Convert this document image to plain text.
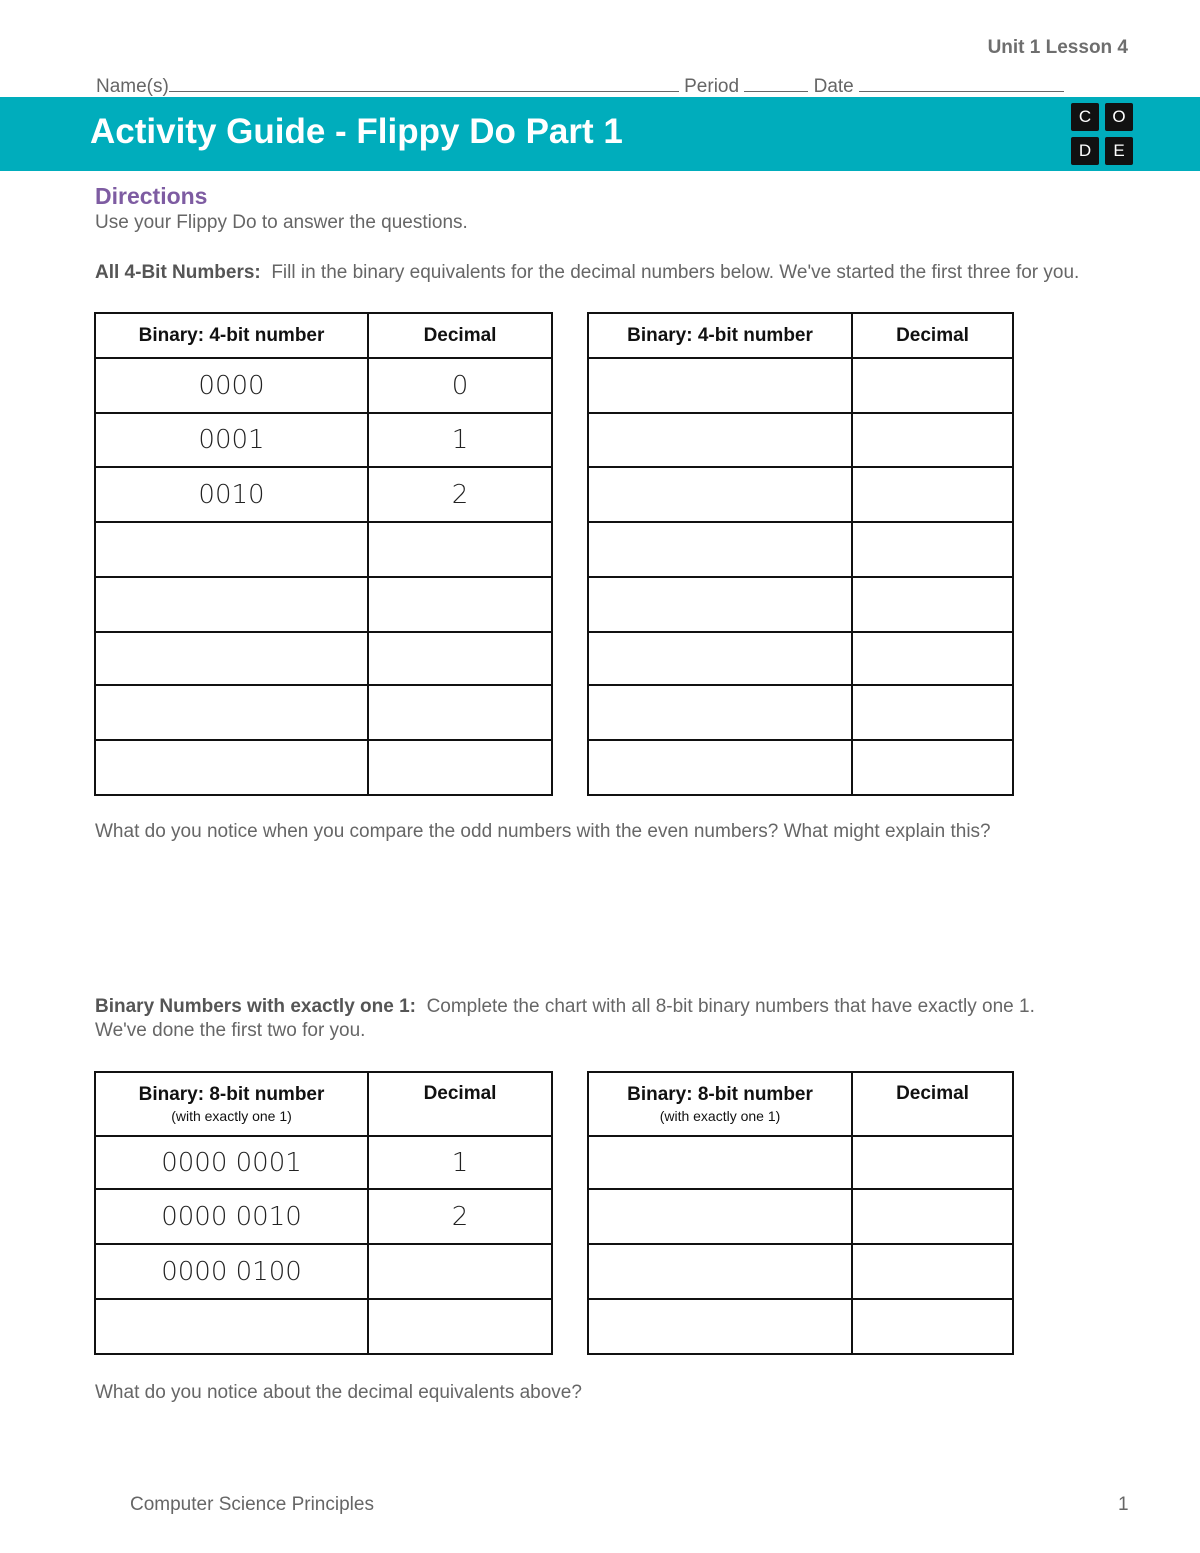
Unit 1 Lesson 4
Name(s)	Period	Date
Activity Guide - Flippy Do Part 1	C	O
D	E
Directions
Use your Flippy Do to answer the questions.
All 4-Bit Numbers: Fill in the binary equivalents for the decimal numbers below. We've started the first three for you.
Binary: 4-bit number	Decimal
0000	0
0001	1
0010	2

Binary: 4-bit number	Decimal

What do you notice when you compare the odd numbers with the even numbers? What might explain this?
Binary Numbers with exactly one 1: Complete the chart with all 8-bit binary numbers that have exactly one 1.
We've done the first two for you.
Binary: 8-bit number
(with exactly one 1)	Decimal
0000 0001	1
0000 0010	2
0000 0100	

Binary: 8-bit number
(with exactly one 1)	Decimal

What do you notice about the decimal equivalents above?
Computer Science Principles	1
